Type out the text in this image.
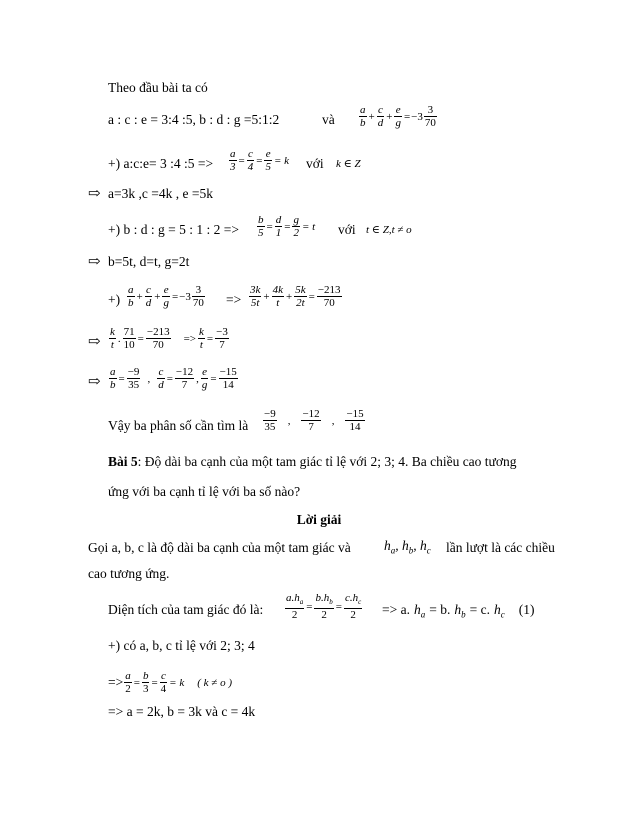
Theo đầu bài ta có
a : c : e = 3:4 :5, b : d : g =5:1:2	và $\frac{a}{b} + \frac{c}{d} + \frac{e}{g} =-3 \frac{3}{70}$
+) a:c:e= 3 :4 :5 => $\frac{a}{3} = \frac{c}{4} = \frac{e}{5} = k$ với k ∈ Z
⇨ a=3k ,c =4k , e =5k
+) b : d : g = 5 : 1 : $2 => \frac{b}{5} = \frac{d}{1} = \frac{g}{2} = t$ với t ∈ Z,t ≠ o
⇨ b=5t, d=t, g=2t
+) $\frac{a}{b} + \frac{c}{d} + \frac{e}{g} =-3 \frac{3}{70} => \frac{3k}{5t} + \frac{4k}{t} + \frac{5k}{2t} = \frac{-213}{70}$
⇨ $\frac{k}{t}$ . $\frac{71}{10} = \frac{-213}{70} => \frac{k}{t} = \frac{-3}{7}$
⇨ $\frac{a}{b} = \frac{-9}{35}$ , $\frac{c}{d} = \frac{-12}{7}$ , $\frac{e}{g} = \frac{-15}{14}$
Vậy ba phân số cần tìm là $\frac{-9}{35}$ , $\frac{-12}{7}$ , $\frac{-15}{14}$
Bài 5: Độ dài ba cạnh của một tam giác tỉ lệ với 2; 3; 4. Ba chiều cao tương
ứng với ba cạnh tỉ lệ với ba số nào?
Lời giải
Gọi a, b, c là độ dài ba cạnh của một tam giác và $h_a$, $h_b$, $h_c$ lần lượt là các chiều
cao tương ứng.
Diện tích của tam giác đó là: $\frac{a.h_a}{2} = \frac{b.h_b}{2} = \frac{c.h_c}{2} => a$. $h_a = b$. $h_b = c$. $h_c$ (1)
+) có a, b, c tỉ lệ với 2; 3; 4
=> $\frac{a}{2} = \frac{b}{3} = \frac{c}{4} = k$ ( k ≠ o )
=> a = 2k, b = 3k và c = 4k
